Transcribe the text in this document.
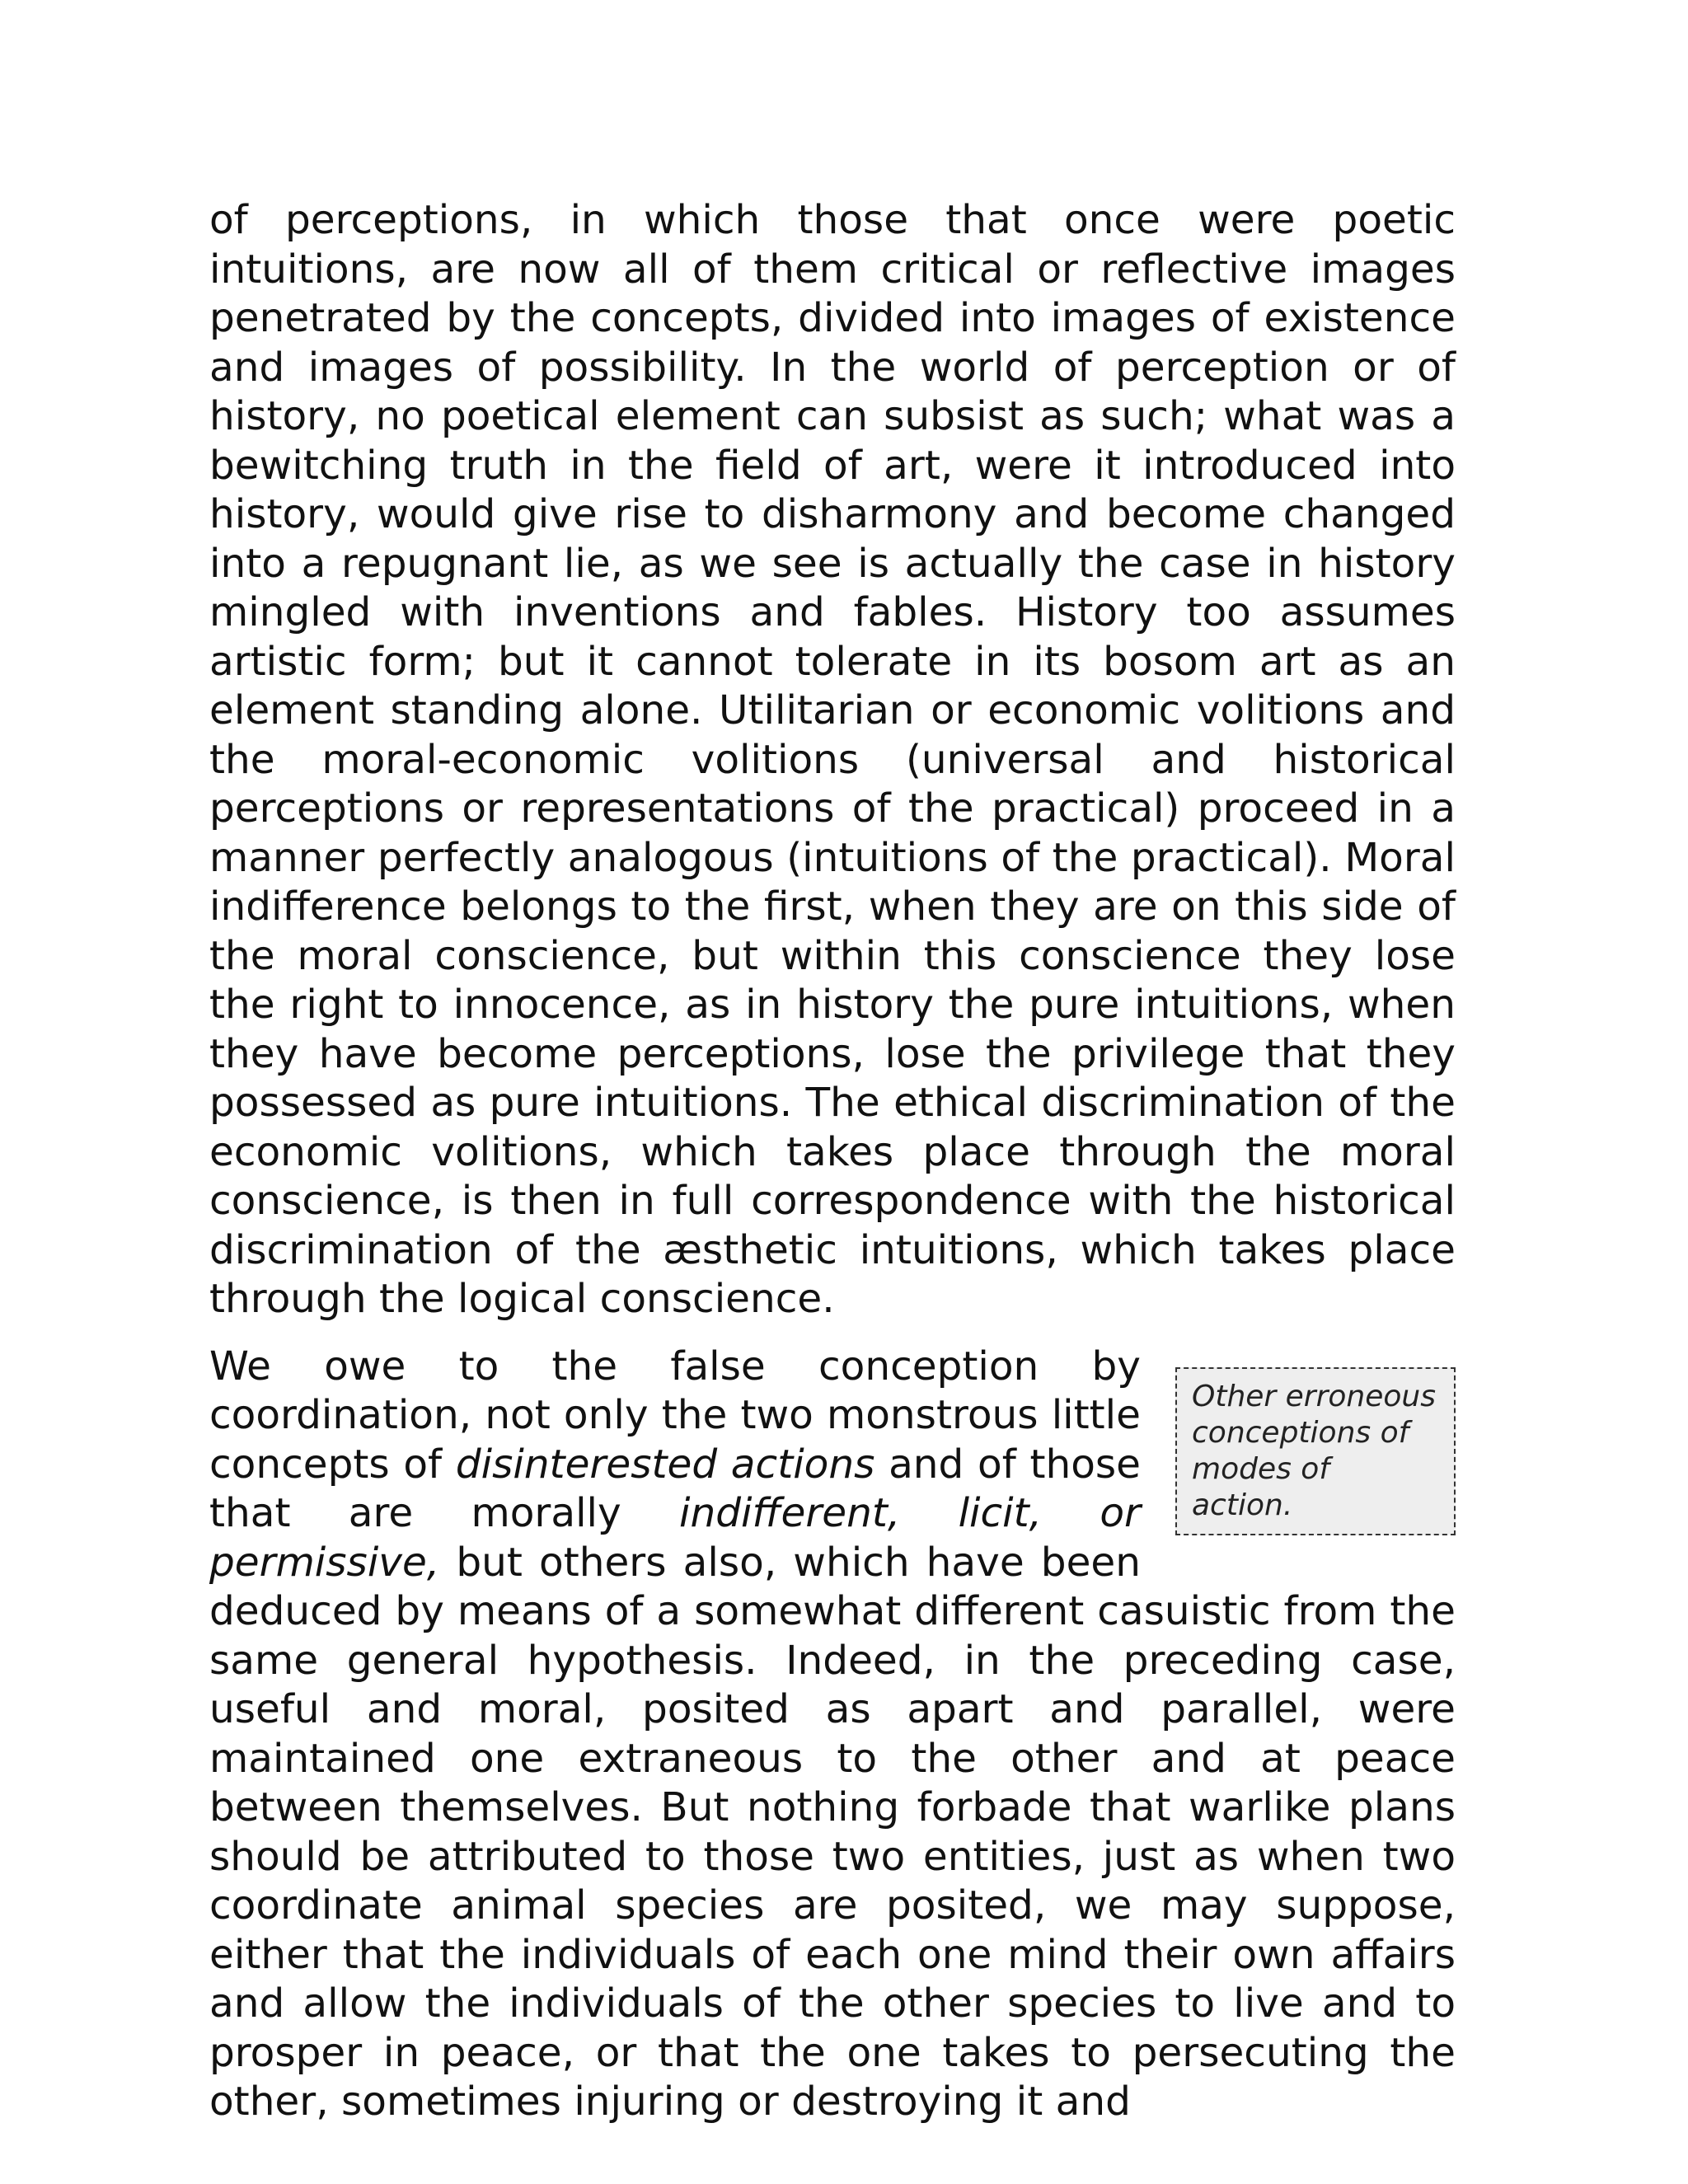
of perceptions, in which those that once were poetic intuitions, are now all of them critical or reflective images penetrated by the concepts, divided into images of existence and images of possibility. In the world of perception or of history, no poetical element can subsist as such; what was a bewitching truth in the field of art, were it introduced into history, would give rise to disharmony and become changed into a repugnant lie, as we see is actually the case in history mingled with inventions and fables. History too assumes artistic form; but it cannot tolerate in its bosom art as an element standing alone. Utilitarian or economic volitions and the moral-economic volitions (universal and historical perceptions or representations of the practical) proceed in a manner perfectly analogous (intuitions of the practical). Moral indifference belongs to the first, when they are on this side of the moral conscience, but within this conscience they lose the right to innocence, as in history the pure intuitions, when they have become perceptions, lose the privilege that they possessed as pure intuitions. The ethical discrimination of the economic volitions, which takes place through the moral conscience, is then in full correspondence with the historical discrimination of the æsthetic intuitions, which takes place through the logical conscience.

Other erroneous conceptions of modes of action.
We owe to the false conception by coordination, not only the two monstrous little concepts of disinterested actions and of those that are morally indifferent, licit, or permissive, but others also, which have been deduced by means of a somewhat different casuistic from the same general hypothesis. Indeed, in the preceding case, useful and moral, posited as apart and parallel, were maintained one extraneous to the other and at peace between themselves. But nothing forbade that warlike plans should be attributed to those two entities, just as when two coordinate animal species are posited, we may suppose, either that the individuals of each one mind their own affairs and allow the individuals of the other species to live and to prosper in peace, or that the one takes to persecuting the other, sometimes injuring or destroying it and
